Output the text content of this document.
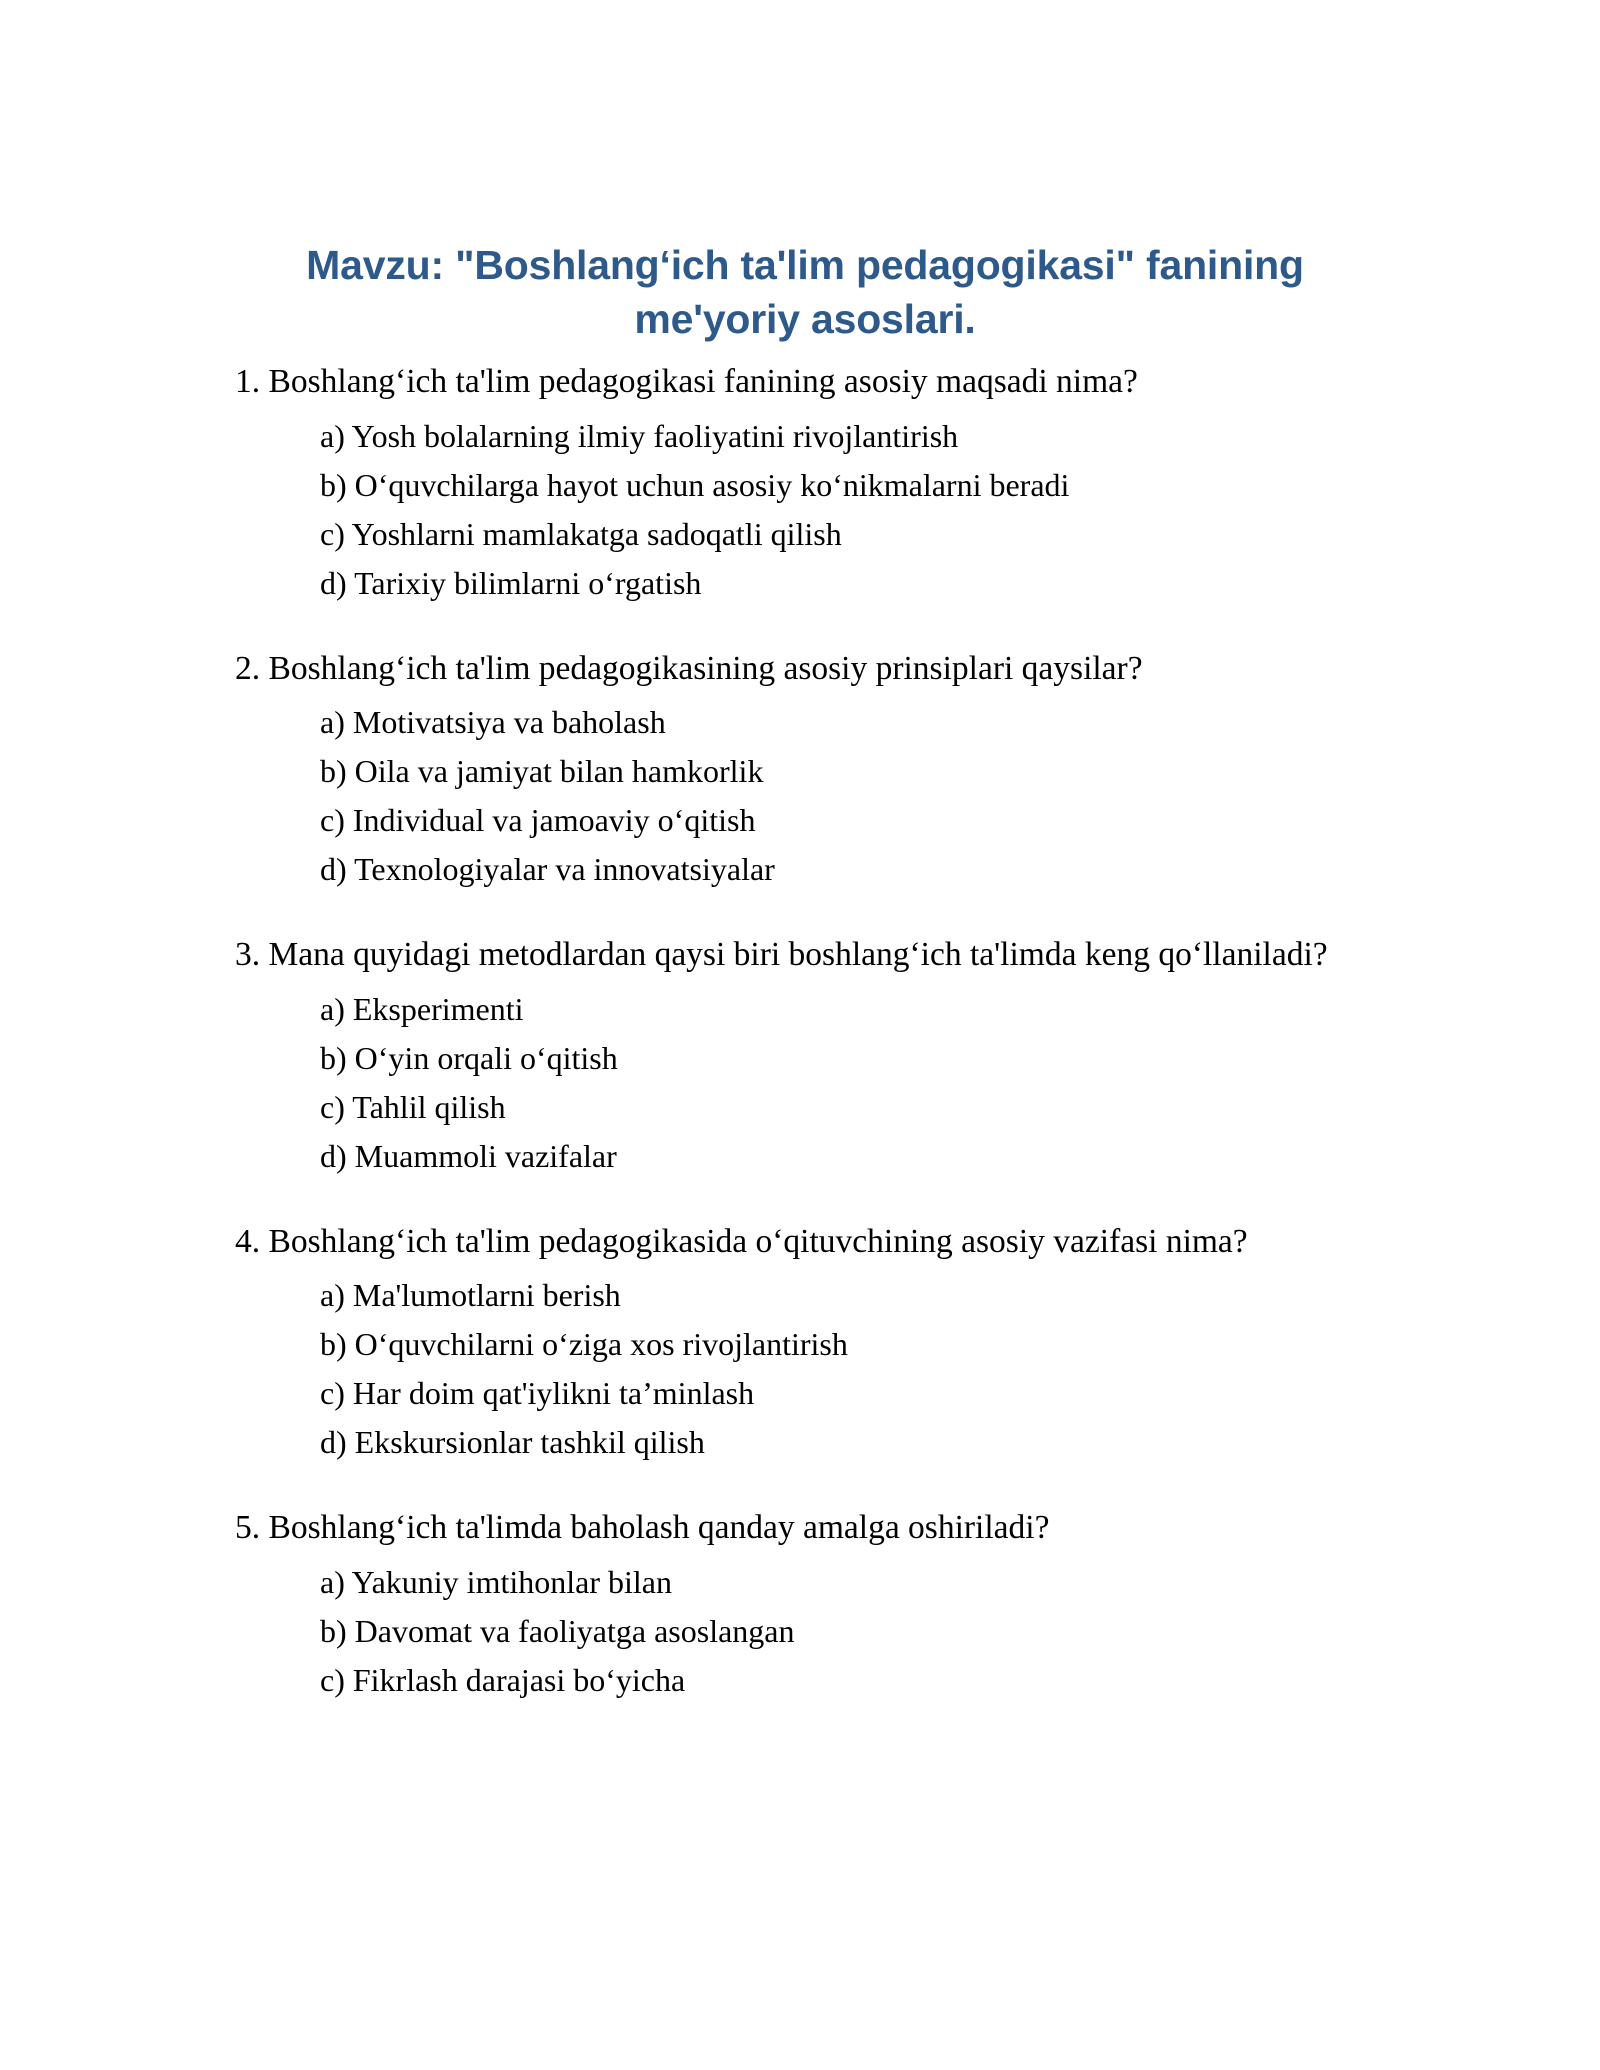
Mavzu: "Boshlang‘ich ta'lim pedagogikasi" fanining me'yoriy asoslari.

1. Boshlang‘ich ta'lim pedagogikasi fanining asosiy maqsadi nima?

a) Yosh bolalarning ilmiy faoliyatini rivojlantirish
b) O‘quvchilarga hayot uchun asosiy ko‘nikmalarni beradi
c) Yoshlarni mamlakatga sadoqatli qilish
d) Tarixiy bilimlarni o‘rgatish

2. Boshlang‘ich ta'lim pedagogikasining asosiy prinsiplari qaysilar?

a) Motivatsiya va baholash
b) Oila va jamiyat bilan hamkorlik
c) Individual va jamoaviy o‘qitish
d) Texnologiyalar va innovatsiyalar

3. Mana quyidagi metodlardan qaysi biri boshlang‘ich ta'limda keng qo‘llaniladi?

a) Eksperimenti
b) O‘yin orqali o‘qitish
c) Tahlil qilish
d) Muammoli vazifalar

4. Boshlang‘ich ta'lim pedagogikasida o‘qituvchining asosiy vazifasi nima?

a) Ma'lumotlarni berish
b) O‘quvchilarni o‘ziga xos rivojlantirish
c) Har doim qat'iylikni ta’minlash
d) Ekskursionlar tashkil qilish

5. Boshlang‘ich ta'limda baholash qanday amalga oshiriladi?

a) Yakuniy imtihonlar bilan
b) Davomat va faoliyatga asoslangan
c) Fikrlash darajasi bo‘yicha
